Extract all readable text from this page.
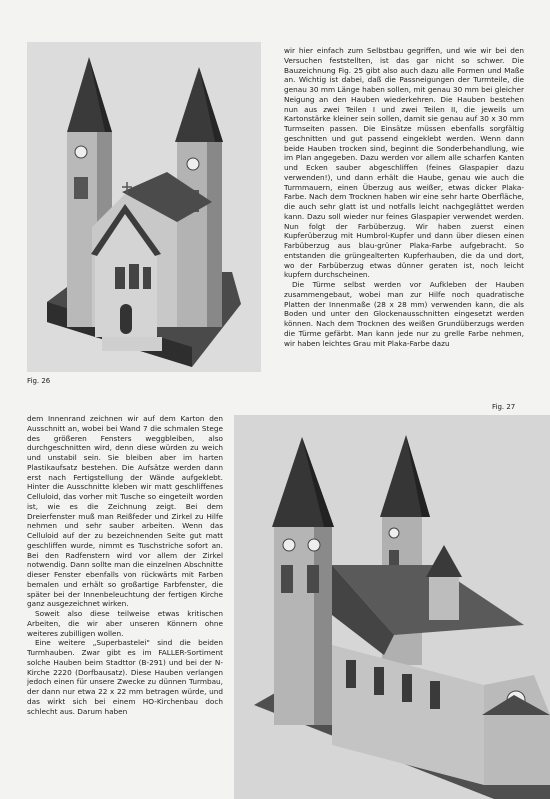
Fig. 26

wir hier einfach zum Selbstbau gegriffen, und wie wir bei den Versuchen feststellten, ist das gar nicht so schwer. Die Bauzeichnung Fig. 25 gibt also auch dazu alle Formen und Maße an. Wichtig ist dabei, daß die Passneigungen der Turmteile, die genau 30 mm Länge haben sollen, mit genau 30 mm bei gleicher Neigung an den Hauben wiederkehren. Die Hauben bestehen nun aus zwei Teilen I und zwei Teilen II, die jeweils um Kartonstärke kleiner sein sollen, damit sie genau auf 30 x 30 mm Turmseiten passen. Die Einsätze müssen ebenfalls sorgfältig geschnitten und gut passend eingeklebt werden. Wenn dann beide Hauben trocken sind, beginnt die Sonderbehandlung, wie im Plan angegeben. Dazu werden vor allem alle scharfen Kanten und Ecken sauber abgeschliffen (feines Glaspapier dazu verwenden!), und dann erhält die Haube, genau wie auch die Turmmauern, einen Überzug aus weißer, etwas dicker Plaka-Farbe. Nach dem Trocknen haben wir eine sehr harte Oberfläche, die auch sehr glatt ist und notfalls leicht nachgeglättet werden kann. Dazu soll wieder nur feines Glaspapier verwendet werden. Nun folgt der Farbüberzug. Wir haben zuerst einen Kupferüberzug mit Humbrol-Kupfer und dann über diesen einen Farbüberzug aus blau-grüner Plaka-Farbe aufgebracht. So entstanden die grüngealterten Kupferhauben, die da und dort, wo der Farbüberzug etwas dünner geraten ist, noch leicht kupfern durchscheinen.

Die Türme selbst werden vor Aufkleben der Hauben zusammengebaut, wobei man zur Hilfe noch quadratische Platten der Innenmaße (28 x 28 mm) verwenden kann, die als Boden und unter den Glockenausschnitten eingesetzt werden können. Nach dem Trocknen des weißen Grundüberzugs werden die Türme gefärbt. Man kann jede nur zu grelle Farbe nehmen, wir haben leichtes Grau mit Plaka-Farbe dazu

Fig. 27

dem Innenrand zeichnen wir auf dem Karton den Ausschnitt an, wobei bei Wand 7 die schmalen Stege des größeren Fensters weggbleiben, also durchgeschnitten wird, denn diese würden zu weich und unstabil sein. Sie bleiben aber im harten Plastikaufsatz bestehen. Die Aufsätze werden dann erst nach Fertigstellung der Wände aufgeklebt. Hinter die Ausschnitte kleben wir matt geschliffenes Celluloid, das vorher mit Tusche so eingeteilt worden ist, wie es die Zeichnung zeigt. Bei dem Dreierfenster muß man Reißfeder und Zirkel zu Hilfe nehmen und sehr sauber arbeiten. Wenn das Celluloid auf der zu bezeichnenden Seite gut matt geschliffen wurde, nimmt es Tuschstriche sofort an. Bei den Radfenstern wird vor allem der Zirkel notwendig. Dann sollte man die einzelnen Abschnitte dieser Fenster ebenfalls von rückwärts mit Farben bemalen und erhält so großartige Farbfenster, die später bei der Innenbeleuchtung der fertigen Kirche ganz ausgezeichnet wirken.

Soweit also diese teilweise etwas kritischen Arbeiten, die wir aber unseren Könnern ohne weiteres zubilligen wollen.

Eine weitere „Superbastelei" sind die beiden Turmhauben. Zwar gibt es im FALLER-Sortiment solche Hauben beim Stadttor (B-291) und bei der N-Kirche 2220 (Dorfbausatz). Diese Hauben verlangen jedoch einen für unsere Zwecke zu dünnen Turmbau, der dann nur etwa 22 x 22 mm betragen würde, und das wirkt sich bei einem HO-Kirchenbau doch schlecht aus. Darum haben
